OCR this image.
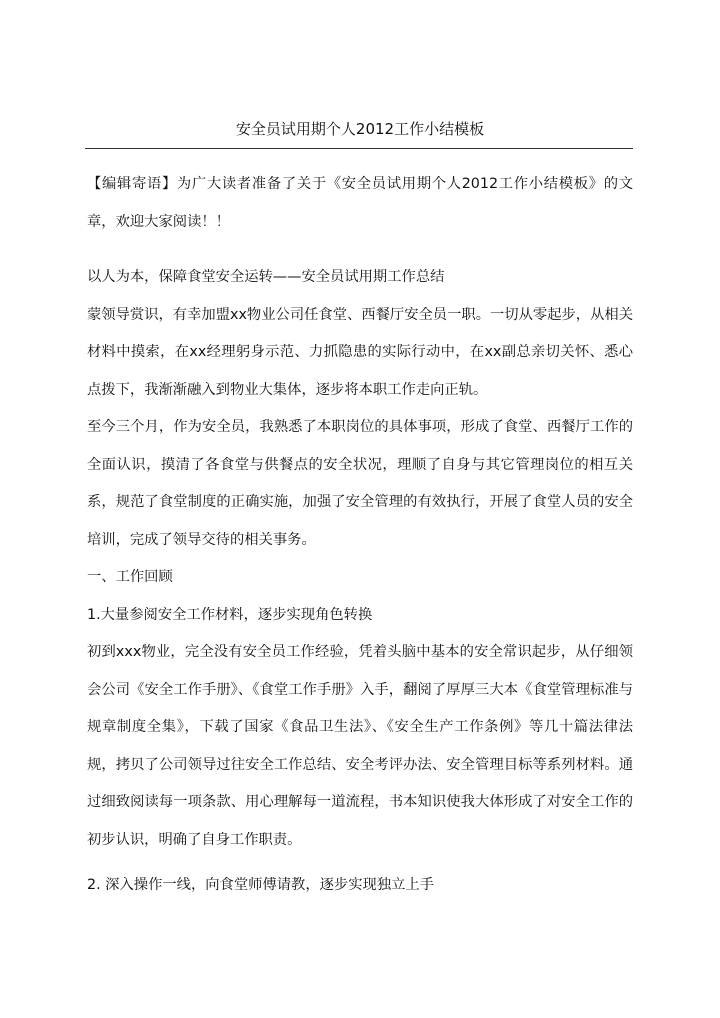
安全员试用期个人2012工作小结模板

【编辑寄语】为广大读者准备了关于《安全员试用期个人2012工作小结模板》的文章，欢迎大家阅读！！

以人为本，保障食堂安全运转——安全员试用期工作总结

蒙领导赏识，有幸加盟xx物业公司任食堂、西餐厅安全员一职。一切从零起步，从相关材料中摸索，在xx经理躬身示范、力抓隐患的实际行动中，在xx副总亲切关怀、悉心点拨下，我渐渐融入到物业大集体，逐步将本职工作走向正轨。

至今三个月，作为安全员，我熟悉了本职岗位的具体事项，形成了食堂、西餐厅工作的全面认识，摸清了各食堂与供餐点的安全状况，理顺了自身与其它管理岗位的相互关系，规范了食堂制度的正确实施，加强了安全管理的有效执行，开展了食堂人员的安全培训，完成了领导交待的相关事务。

一、工作回顾

1.大量参阅安全工作材料，逐步实现角色转换

初到xxx物业，完全没有安全员工作经验，凭着头脑中基本的安全常识起步，从仔细领会公司《安全工作手册》、《食堂工作手册》入手，翻阅了厚厚三大本《食堂管理标准与规章制度全集》，下载了国家《食品卫生法》、《安全生产工作条例》等几十篇法律法规，拷贝了公司领导过往安全工作总结、安全考评办法、安全管理目标等系列材料。通过细致阅读每一项条款、用心理解每一道流程，书本知识使我大体形成了对安全工作的初步认识，明确了自身工作职责。

2. 深入操作一线，向食堂师傅请教，逐步实现独立上手
